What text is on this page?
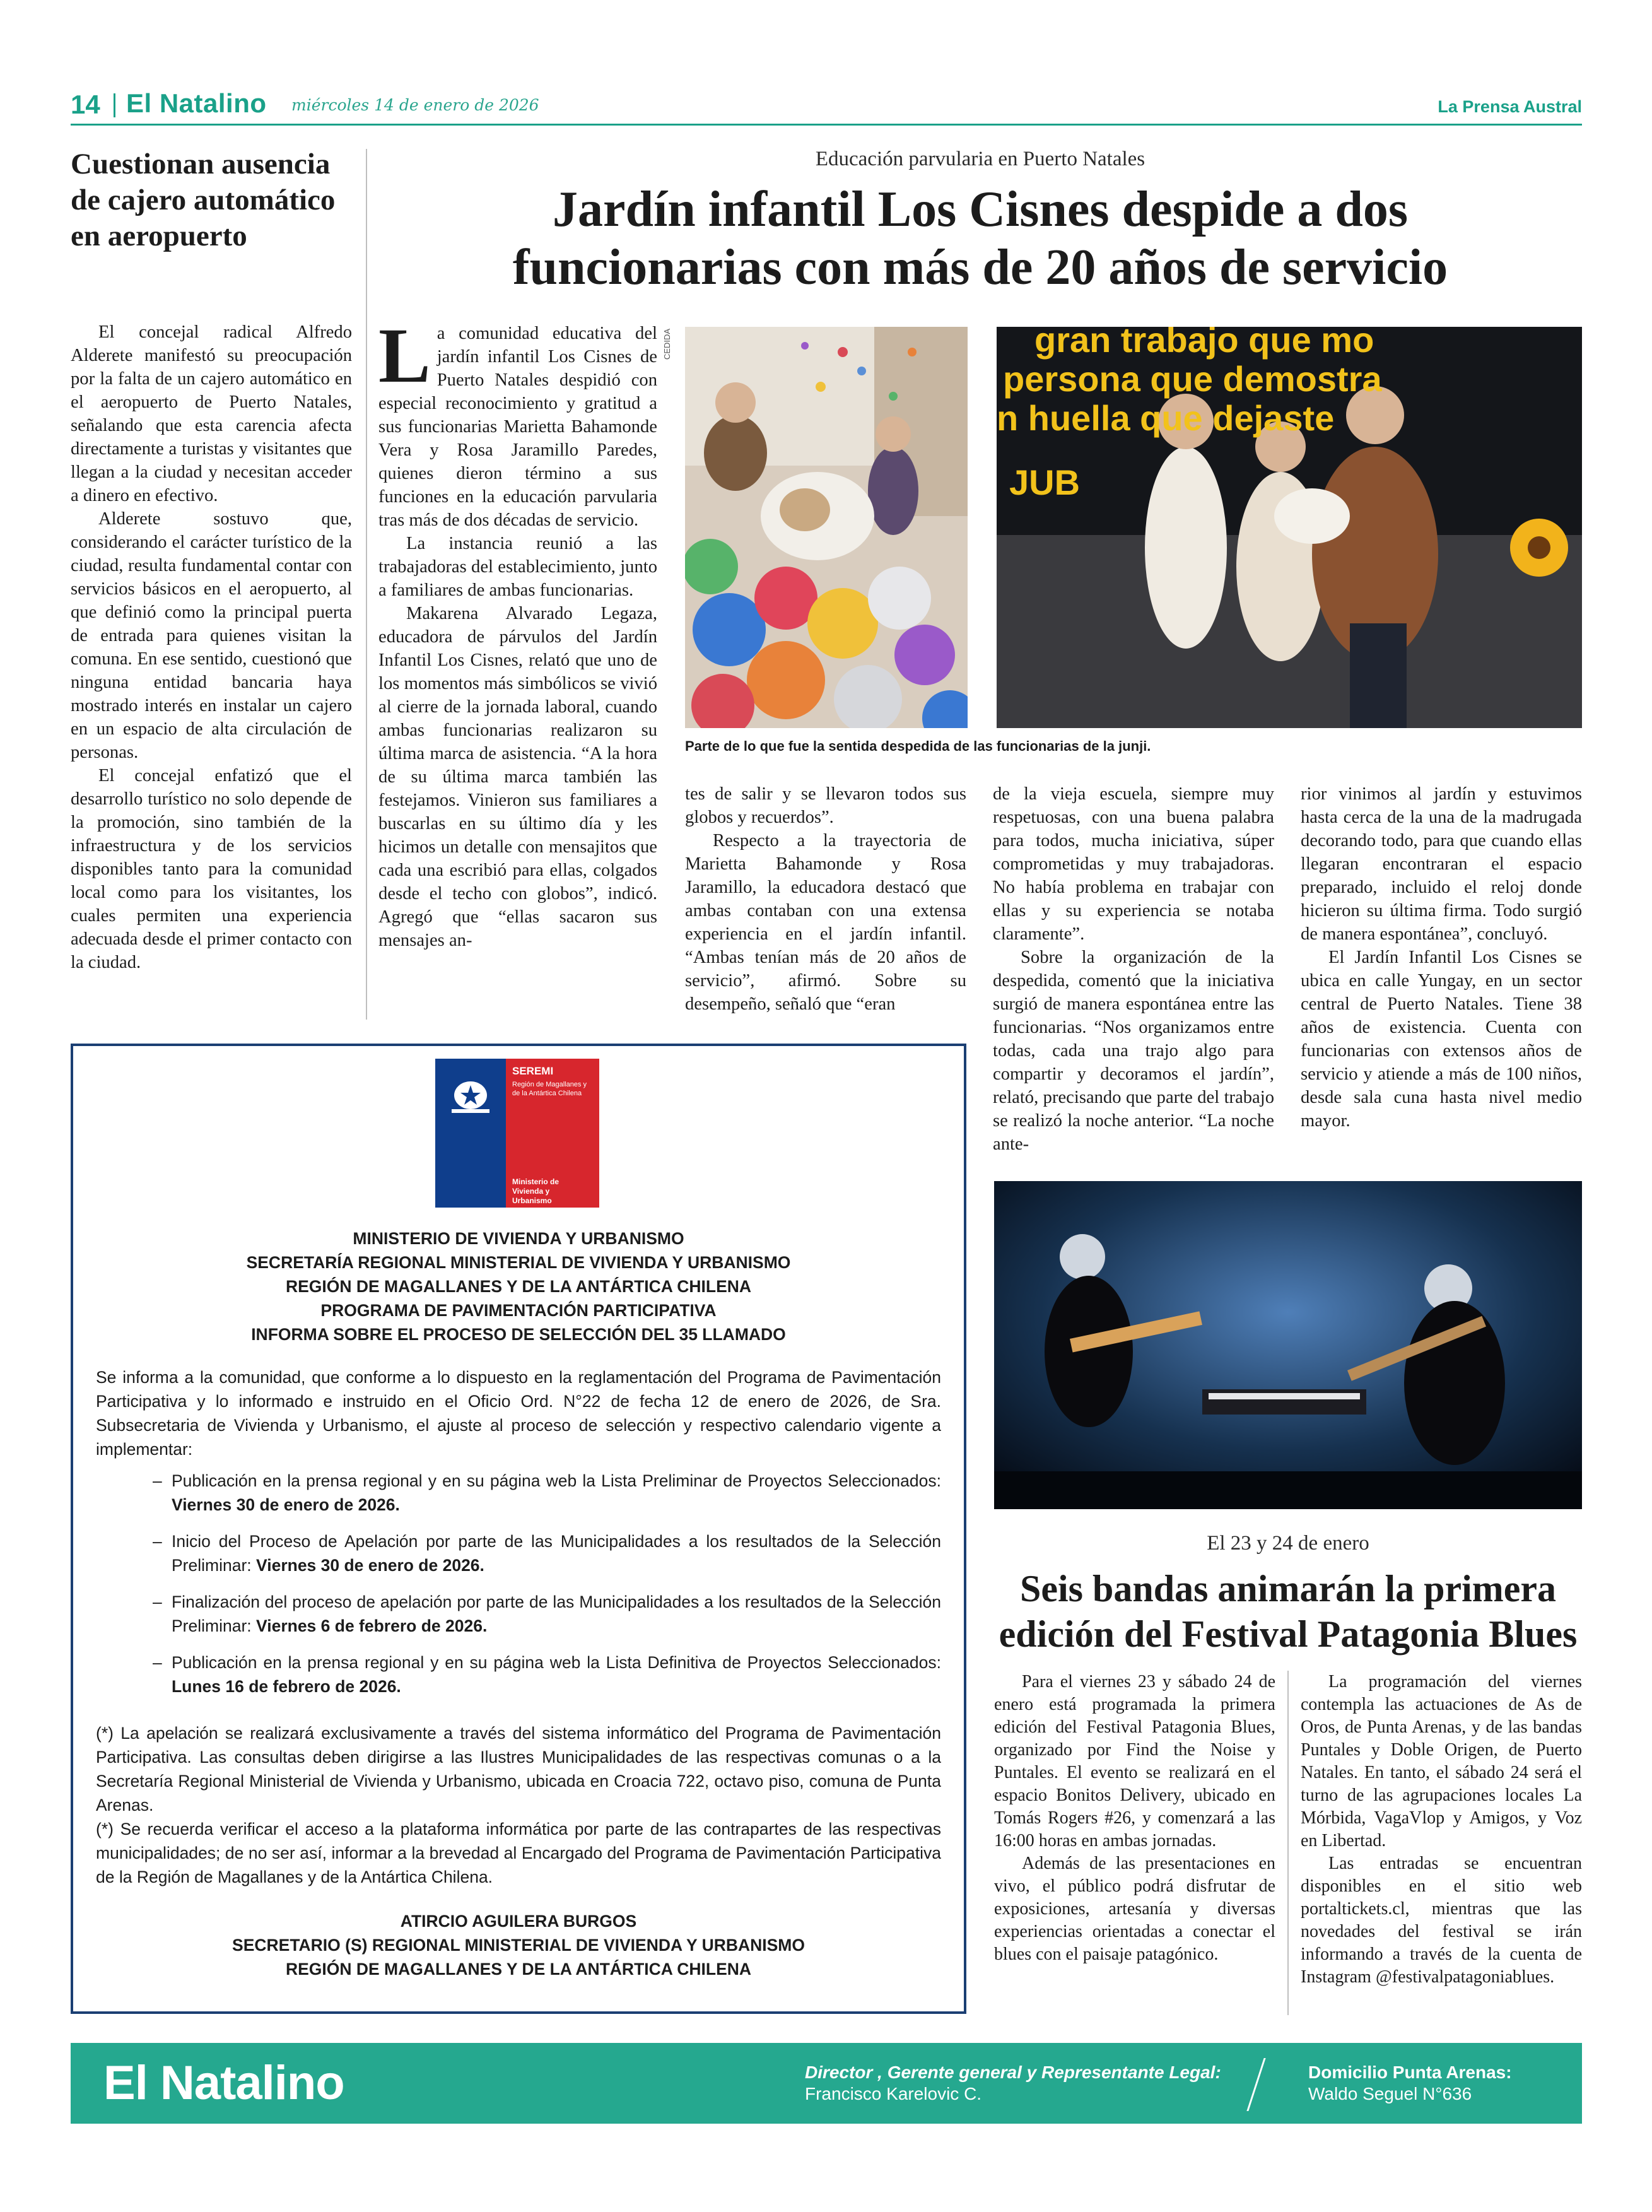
14 El Natalino miércoles 14 de enero de 2026	La Prensa Austral
Cuestionan ausencia de cajero automático en aeropuerto

El concejal radical Alfredo Alderete manifestó su preocupación por la falta de un cajero automático en el aeropuerto de Puerto Natales, señalando que esta carencia afecta directamente a turistas y visitantes que llegan a la ciudad y necesitan acceder a dinero en efectivo.

Alderete sostuvo que, considerando el carácter turístico de la ciudad, resulta fundamental contar con servicios básicos en el aeropuerto, al que definió como la principal puerta de entrada para quienes visitan la comuna. En ese sentido, cuestionó que ninguna entidad bancaria haya mostrado interés en instalar un cajero en un espacio de alta circulación de personas.

El concejal enfatizó que el desarrollo turístico no solo depende de la promoción, sino también de la infraestructura y de los servicios disponibles tanto para la comunidad local como para los visitantes, los cuales permiten una experiencia adecuada desde el primer contacto con la ciudad.

Educación parvularia en Puerto Natales
Jardín infantil Los Cisnes despide a dos
funcionarias con más de 20 años de servicio

La comunidad educativa del jardín infantil Los Cisnes de Puerto Natales despidió con especial reconocimiento y gratitud a sus funcionarias Marietta Bahamonde Vera y Rosa Jaramillo Paredes, quienes dieron término a sus funciones en la educación parvularia tras más de dos décadas de servicio.

La instancia reunió a las trabajadoras del establecimiento, junto a familiares de ambas funcionarias.

Makarena Alvarado Legaza, educadora de párvulos del Jardín Infantil Los Cisnes, relató que uno de los momentos más simbólicos se vivió al cierre de la jornada laboral, cuando ambas funcionarias realizaron su última marca de asistencia. “A la hora de su última marca también las festejamos. Vinieron sus familiares a buscarlas en su último día y les hicimos un detalle con mensajitos que cada una escribió para ellas, colgados desde el techo con globos”, indicó. Agregó que “ellas sacaron sus mensajes an-

CEDIDA	gran trabajo que mo
persona que demostra
n huella que dejaste
JUB
Parte de lo que fue la sentida despedida de las funcionarias de la junji.

tes de salir y se llevaron todos sus globos y recuerdos”.

Respecto a la trayectoria de Marietta Bahamonde y Rosa Jaramillo, la educadora destacó que ambas contaban con una extensa experiencia en el jardín infantil. “Ambas tenían más de 20 años de servicio”, afirmó. Sobre su desempeño, señaló que “eran

de la vieja escuela, siempre muy respetuosas, con una buena palabra para todos, mucha iniciativa, súper comprometidas y muy trabajadoras. No había problema en trabajar con ellas y su experiencia se notaba claramente”.

Sobre la organización de la despedida, comentó que la iniciativa surgió de manera espontánea entre las funcionarias. “Nos organizamos entre todas, cada una trajo algo para compartir y decoramos el jardín”, relató, precisando que parte del trabajo se realizó la noche anterior. “La noche ante-

rior vinimos al jardín y estuvimos hasta cerca de la una de la madrugada decorando todo, para que cuando ellas llegaran encontraran el espacio preparado, incluido el reloj donde hicieron su última firma. Todo surgió de manera espontánea”, concluyó.

El Jardín Infantil Los Cisnes se ubica en calle Yungay, en un sector central de Puerto Natales. Tiene 38 años de existencia. Cuenta con funcionarias con extensos años de servicio y atiende a más de 100 niños, desde sala cuna hasta nivel medio mayor.

SEREMI
Región de Magallanes y de la Antártica Chilena
Ministerio de Vivienda y Urbanismo
MINISTERIO DE VIVIENDA Y URBANISMO
SECRETARÍA REGIONAL MINISTERIAL DE VIVIENDA Y URBANISMO
REGIÓN DE MAGALLANES Y DE LA ANTÁRTICA CHILENA
PROGRAMA DE PAVIMENTACIÓN PARTICIPATIVA
INFORMA SOBRE EL PROCESO DE SELECCIÓN DEL 35 LLAMADO

Se informa a la comunidad, que conforme a lo dispuesto en la reglamentación del Programa de Pavimentación Participativa y lo informado e instruido en el Oficio Ord. N°22 de fecha 12 de enero de 2026, de Sra. Subsecretaria de Vivienda y Urbanismo, el ajuste al proceso de selección y respectivo calendario vigente a implementar:

– Publicación en la prensa regional y en su página web la Lista Preliminar de Proyectos Seleccionados: Viernes 30 de enero de 2026.
– Inicio del Proceso de Apelación por parte de las Municipalidades a los resultados de la Selección Preliminar: Viernes 30 de enero de 2026.
– Finalización del proceso de apelación por parte de las Municipalidades a los resultados de la Selección Preliminar: Viernes 6 de febrero de 2026.
– Publicación en la prensa regional y en su página web la Lista Definitiva de Proyectos Seleccionados: Lunes 16 de febrero de 2026.

(*) La apelación se realizará exclusivamente a través del sistema informático del Programa de Pavimentación Participativa. Las consultas deben dirigirse a las Ilustres Municipalidades de las respectivas comunas o a la Secretaría Regional Ministerial de Vivienda y Urbanismo, ubicada en Croacia 722, octavo piso, comuna de Punta Arenas.

(*) Se recuerda verificar el acceso a la plataforma informática por parte de las contrapartes de las respectivas municipalidades; de no ser así, informar a la brevedad al Encargado del Programa de Pavimentación Participativa de la Región de Magallanes y de la Antártica Chilena.

ATIRCIO AGUILERA BURGOS
SECRETARIO (S) REGIONAL MINISTERIAL DE VIVIENDA Y URBANISMO
REGIÓN DE MAGALLANES Y DE LA ANTÁRTICA CHILENA
El 23 y 24 de enero
Seis bandas animarán la primera
edición del Festival Patagonia Blues

Para el viernes 23 y sábado 24 de enero está programada la primera edición del Festival Patagonia Blues, organizado por Find the Noise y Puntales. El evento se realizará en el espacio Bonitos Delivery, ubicado en Tomás Rogers #26, y comenzará a las 16:00 horas en ambas jornadas.

Además de las presentaciones en vivo, el público podrá disfrutar de exposiciones, artesanía y diversas experiencias orientadas a conectar el blues con el paisaje patagónico.

La programación del viernes contempla las actuaciones de As de Oros, de Punta Arenas, y de las bandas Puntales y Doble Origen, de Puerto Natales. En tanto, el sábado 24 será el turno de las agrupaciones locales La Mórbida, VagaVlop y Amigos, y Voz en Libertad.

Las entradas se encuentran disponibles en el sitio web portaltickets.cl, mientras que las novedades del festival se irán informando a través de la cuenta de Instagram @festivalpatagoniablues.

El Natalino	Director , Gerente general y Representante Legal:
Francisco Karelovic C.
Domicilio Punta Arenas:
Waldo Seguel N°636
